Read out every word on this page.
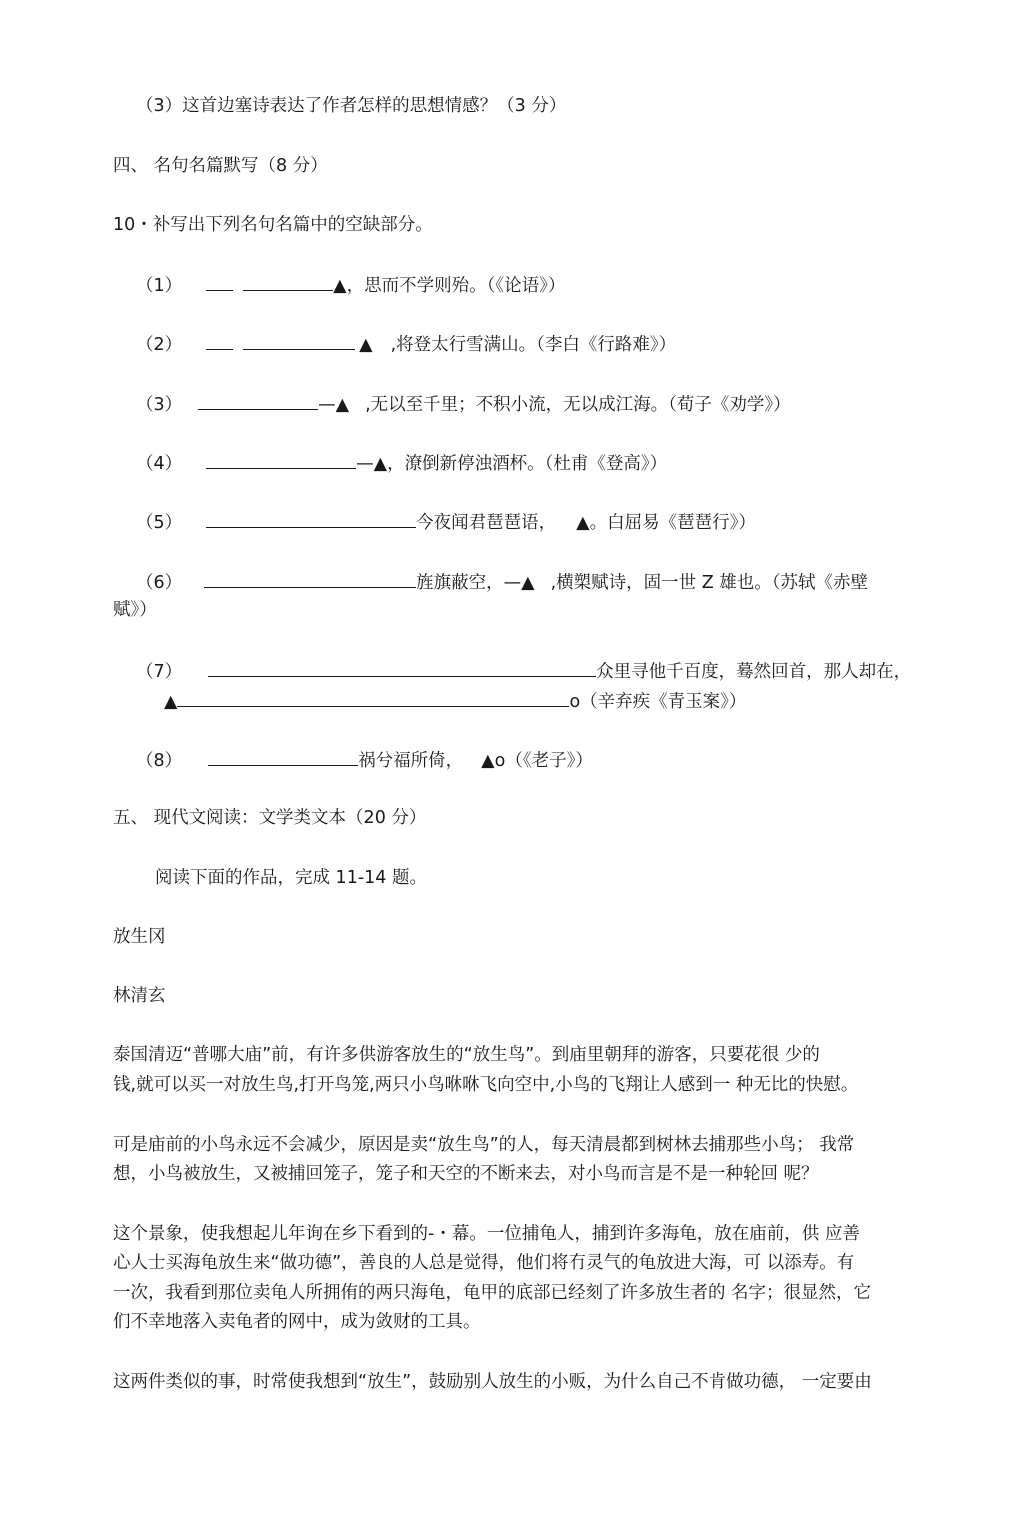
（3）这首边塞诗表达了作者怎样的思想情感？（3 分）
四、 名句名篇默写（8 分）
10・补写出下列名句名篇中的空缺部分。
（1）	▲，思而不学则殆。（《论语》）
（2）	▲ ,将登太行雪满山。（李白《行路难》）
（3）	—▲ ,无以至千里；不积小流，无以成江海。（荀子《劝学》）
（4）	—▲，潦倒新停浊酒杯。（杜甫《登高》）
（5）	今夜闻君琶琶语， ▲。白屈易《琶琶行》）
（6）	旌旗蔽空，—▲ ,横槊赋诗，固一世 Z 雄也。（苏轼《赤壁
赋》）
（7）	众里寻他千百度，蓦然回首，那人却在，
▲	o（辛弃疾《青玉案》）
（8）	祸兮福所倚， ▲o（《老子》）
五、 现代文阅读：文学类文本（20 分）
阅读下面的作品，完成 11-14 题。
放生冈
林清玄
泰国清迈“普哪大庙”前，有许多供游客放生的“放生鸟”。到庙里朝拜的游客，只要花很 少的
钱,就可以买一对放生鸟,打开鸟笼,两只小鸟咻咻飞向空中,小鸟的飞翔让人感到一 种无比的快慰。
可是庙前的小鸟永远不会减少，原因是卖“放生鸟”的人，每天清晨都到树林去捕那些小鸟； 我常
想，小鸟被放生，又被捕回笼子，笼子和天空的不断来去，对小鸟而言是不是一种轮回 呢？
这个景象，使我想起儿年询在乡下看到的-・幕。一位捕龟人，捕到许多海龟，放在庙前，供 应善
心人士买海龟放生来“做功德”，善良的人总是觉得，他们将冇灵气的龟放进大海，可 以添寿。有
一次，我看到那位卖龟人所拥侑的两只海龟，龟甲的底部已经刻了许多放生者的 名字；很显然，它
们不幸地落入卖龟者的网中，成为敛财的工具。
这两件类似的事，时常使我想到“放生”，鼓励别人放生的小贩，为什么自己不肯做功德， 一定要由
